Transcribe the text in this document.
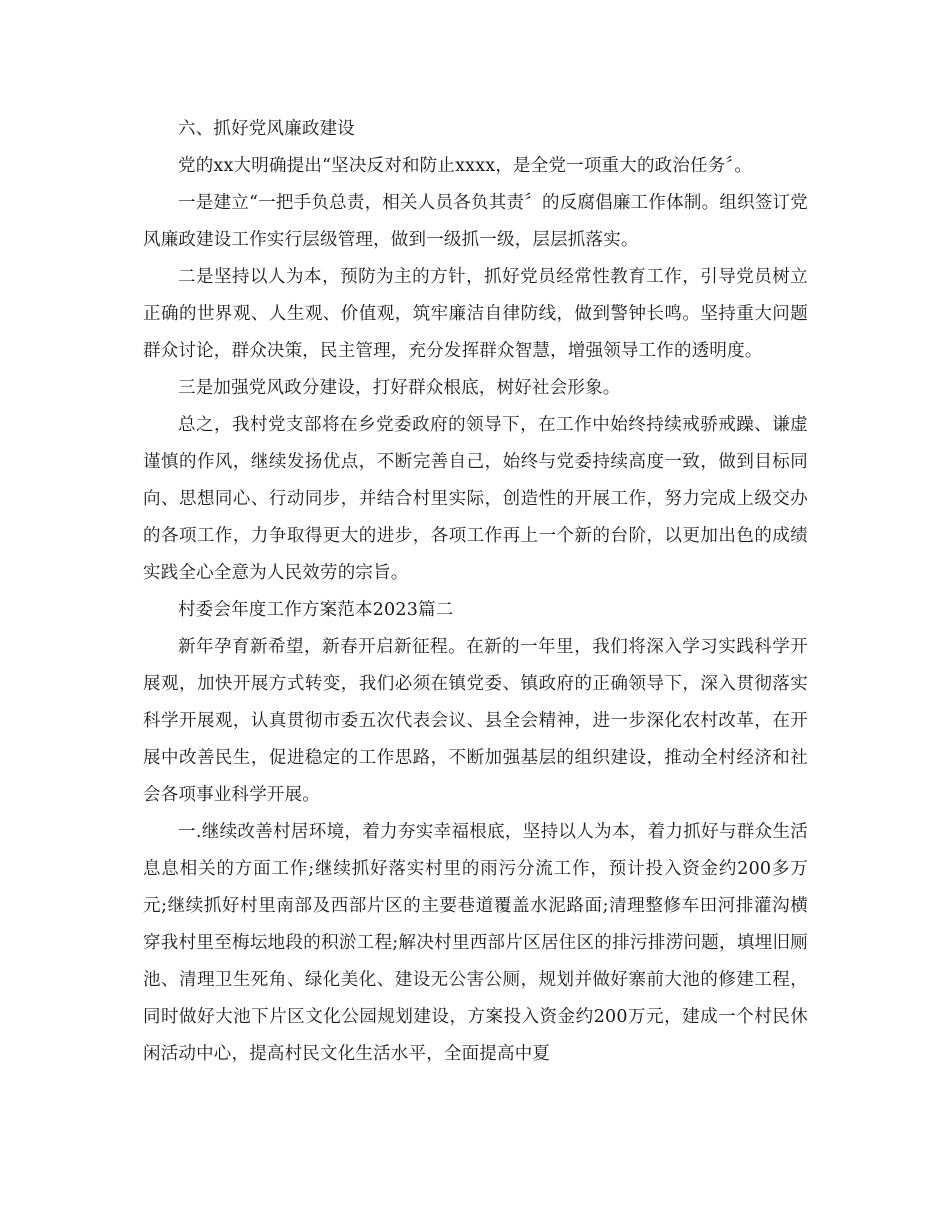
六、抓好党风廉政建设

党的xx大明确提出“坚决反对和防止xxxx，是全党一项重大的政治任务〞。

一是建立“一把手负总责，相关人员各负其责〞的反腐倡廉工作体制。组织签订党风廉政建设工作实行层级管理，做到一级抓一级，层层抓落实。

二是坚持以人为本，预防为主的方针，抓好党员经常性教育工作，引导党员树立正确的世界观、人生观、价值观，筑牢廉洁自律防线，做到警钟长鸣。坚持重大问题群众讨论，群众决策，民主管理，充分发挥群众智慧，增强领导工作的透明度。

三是加强党风政分建设，打好群众根底，树好社会形象。

总之，我村党支部将在乡党委政府的领导下，在工作中始终持续戒骄戒躁、谦虚谨慎的作风，继续发扬优点，不断完善自己，始终与党委持续高度一致，做到目标同向、思想同心、行动同步，并结合村里实际，创造性的开展工作，努力完成上级交办的各项工作，力争取得更大的进步，各项工作再上一个新的台阶，以更加出色的成绩实践全心全意为人民效劳的宗旨。

村委会年度工作方案范本2023篇二

新年孕育新希望，新春开启新征程。在新的一年里，我们将深入学习实践科学开展观，加快开展方式转变，我们必须在镇党委、镇政府的正确领导下，深入贯彻落实科学开展观，认真贯彻市委五次代表会议、县全会精神，进一步深化农村改革，在开展中改善民生，促进稳定的工作思路，不断加强基层的组织建设，推动全村经济和社会各项事业科学开展。

一.继续改善村居环境，着力夯实幸福根底，坚持以人为本，着力抓好与群众生活息息相关的方面工作;继续抓好落实村里的雨污分流工作，预计投入资金约200多万元;继续抓好村里南部及西部片区的主要巷道覆盖水泥路面;清理整修车田河排灌沟横穿我村里至梅坛地段的积淤工程;解决村里西部片区居住区的排污排涝问题，填埋旧厕池、清理卫生死角、绿化美化、建设无公害公厕，规划并做好寨前大池的修建工程，同时做好大池下片区文化公园规划建设，方案投入资金约200万元，建成一个村民休闲活动中心，提高村民文化生活水平，全面提高中夏
